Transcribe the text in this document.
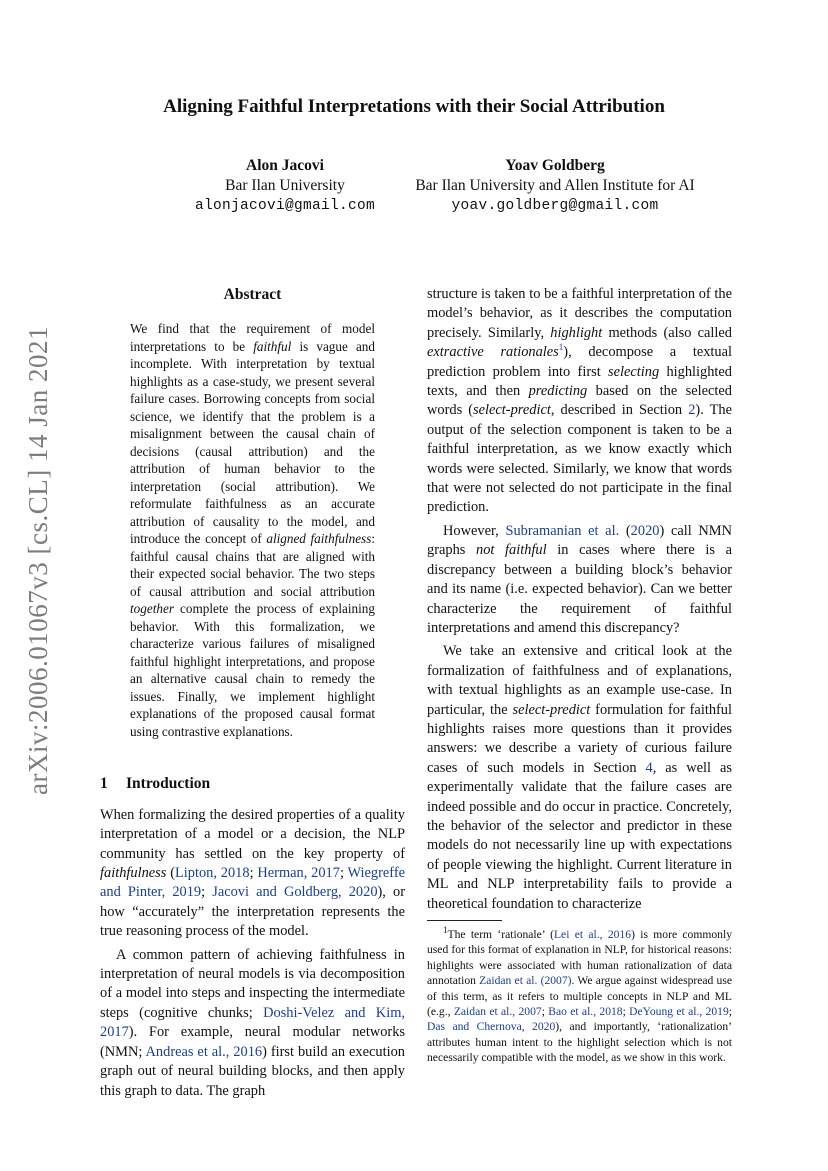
arXiv:2006.01067v3 [cs.CL] 14 Jan 2021
Aligning Faithful Interpretations with their Social Attribution
Alon Jacovi
Bar Ilan University
alonjacovi@gmail.com
Yoav Goldberg
Bar Ilan University and Allen Institute for AI
yoav.goldberg@gmail.com
Abstract

We find that the requirement of model interpretations to be faithful is vague and incomplete. With interpretation by textual highlights as a case-study, we present several failure cases. Borrowing concepts from social science, we identify that the problem is a misalignment between the causal chain of decisions (causal attribution) and the attribution of human behavior to the interpretation (social attribution). We reformulate faithfulness as an accurate attribution of causality to the model, and introduce the concept of aligned faithfulness: faithful causal chains that are aligned with their expected social behavior. The two steps of causal attribution and social attribution together complete the process of explaining behavior. With this formalization, we characterize various failures of misaligned faithful highlight interpretations, and propose an alternative causal chain to remedy the issues. Finally, we implement highlight explanations of the proposed causal format using contrastive explanations.

1 Introduction

When formalizing the desired properties of a quality interpretation of a model or a decision, the NLP community has settled on the key property of faithfulness (Lipton, 2018; Herman, 2017; Wiegreffe and Pinter, 2019; Jacovi and Goldberg, 2020), or how “accurately” the interpretation represents the true reasoning process of the model.

A common pattern of achieving faithfulness in interpretation of neural models is via decomposition of a model into steps and inspecting the intermediate steps (cognitive chunks; Doshi-Velez and Kim, 2017). For example, neural modular networks (NMN; Andreas et al., 2016) first build an execution graph out of neural building blocks, and then apply this graph to data. The graph

structure is taken to be a faithful interpretation of the model’s behavior, as it describes the computation precisely. Similarly, highlight methods (also called extractive rationales$^1$), decompose a textual prediction problem into first selecting highlighted texts, and then predicting based on the selected words (select-predict, described in Section 2). The output of the selection component is taken to be a faithful interpretation, as we know exactly which words were selected. Similarly, we know that words that were not selected do not participate in the final prediction.

However, Subramanian et al. (2020) call NMN graphs not faithful in cases where there is a discrepancy between a building block’s behavior and its name (i.e. expected behavior). Can we better characterize the requirement of faithful interpretations and amend this discrepancy?

We take an extensive and critical look at the formalization of faithfulness and of explanations, with textual highlights as an example use-case. In particular, the select-predict formulation for faithful highlights raises more questions than it provides answers: we describe a variety of curious failure cases of such models in Section 4, as well as experimentally validate that the failure cases are indeed possible and do occur in practice. Concretely, the behavior of the selector and predictor in these models do not necessarily line up with expectations of people viewing the highlight. Current literature in ML and NLP interpretability fails to provide a theoretical foundation to characterize

$^1$The term ‘rationale’ (Lei et al., 2016) is more commonly used for this format of explanation in NLP, for historical reasons: highlights were associated with human rationalization of data annotation Zaidan et al. (2007). We argue against widespread use of this term, as it refers to multiple concepts in NLP and ML (e.g., Zaidan et al., 2007; Bao et al., 2018; DeYoung et al., 2019; Das and Chernova, 2020), and importantly, ‘rationalization’ attributes human intent to the highlight selection which is not necessarily compatible with the model, as we show in this work.
